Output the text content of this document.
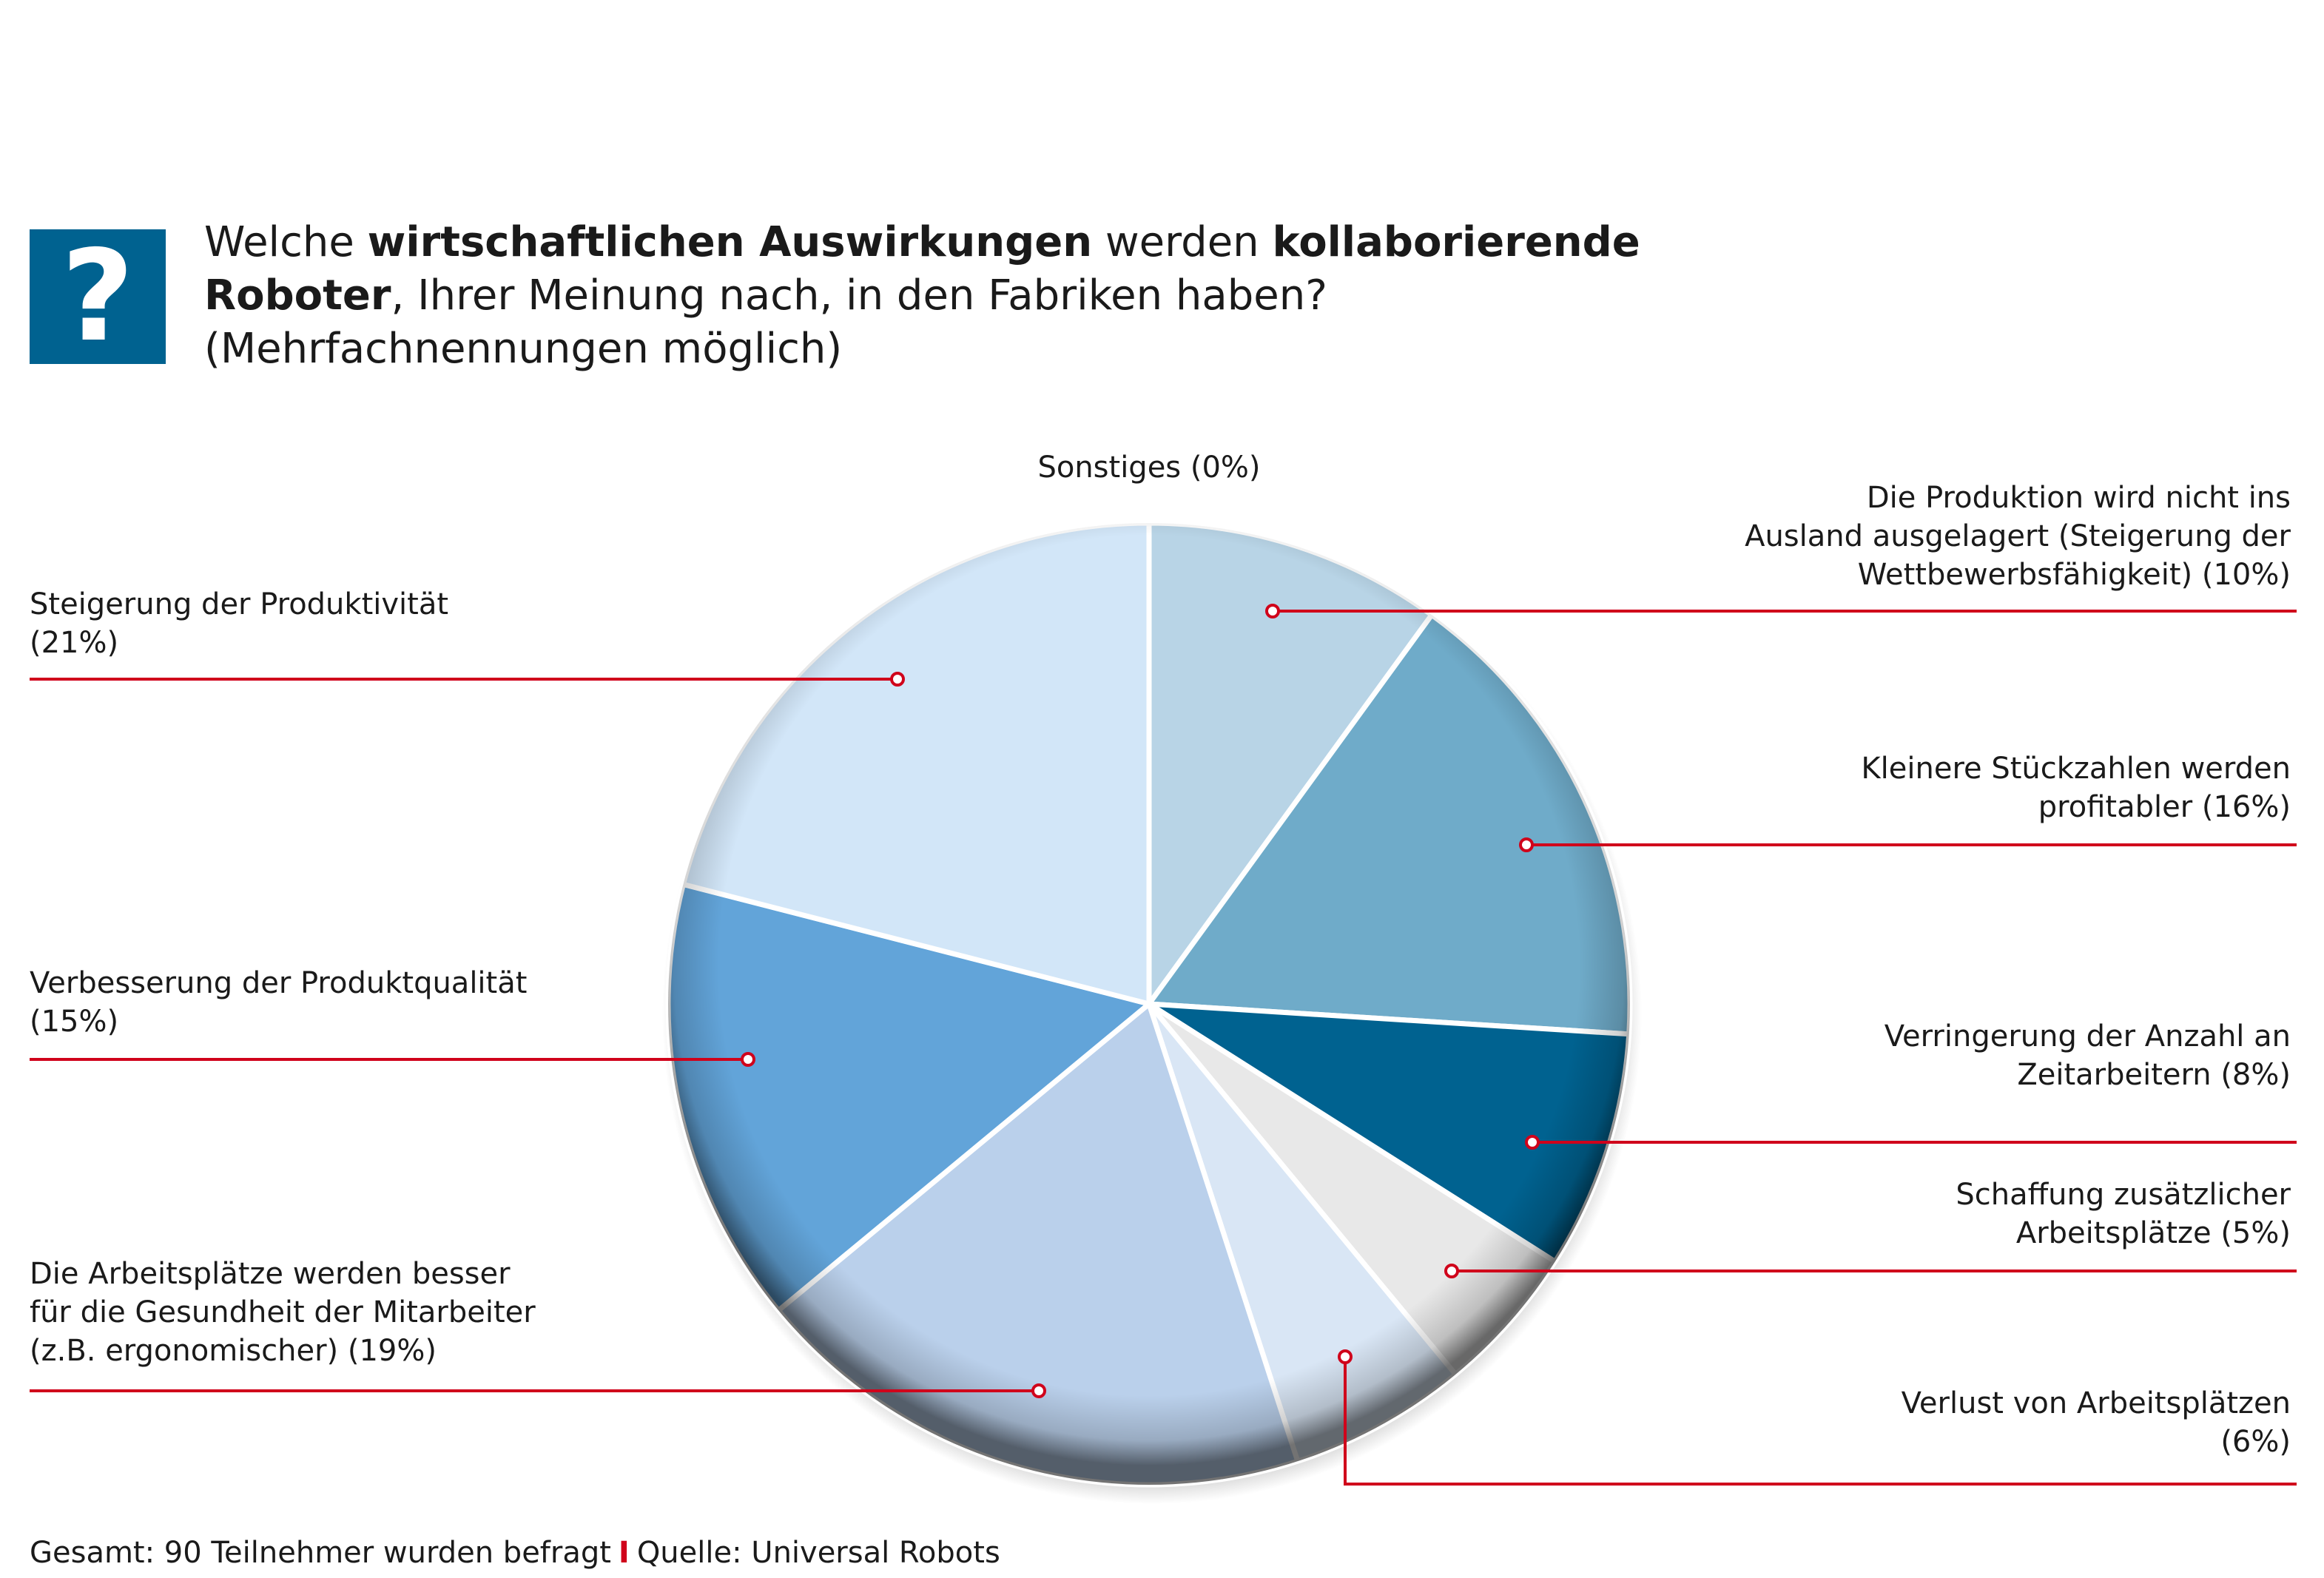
?	Welche wirtschaftlichen Auswirkungen werden kollaborierende Roboter, Ihrer Meinung nach, in den Fabriken haben? (Mehrfachnennungen möglich)
Sonstiges (0%)
Die Produktion wird nicht ins Ausland ausgelagert (Steigerung der Wettbewerbsfähigkeit) (10%)
Kleinere Stückzahlen werden profitabler (16%)
Verringerung der Anzahl an Zeitarbeitern (8%)
Schaffung zusätzlicher Arbeitsplätze (5%)
Verlust von Arbeitsplätzen (6%)
Die Arbeitsplätze werden besser für die Gesundheit der Mitarbeiter (z.B. ergonomischer) (19%)
Verbesserung der Produktqualität (15%)
Steigerung der Produktivität (21%)
Gesamt: 90 Teilnehmer wurden befragt I Quelle: Universal Robots
